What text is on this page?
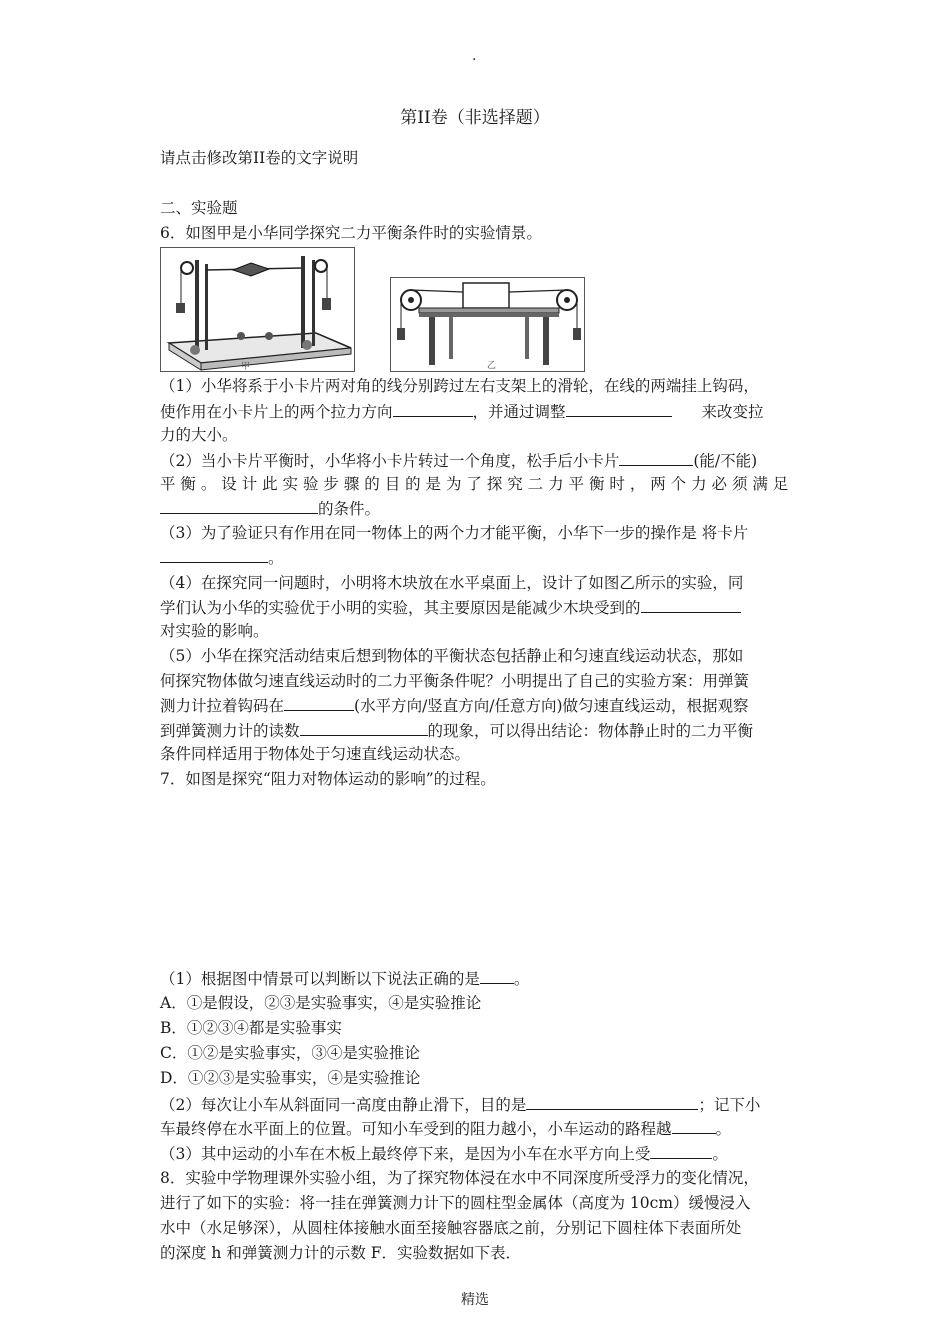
.
第II卷（非选择题）
请点击修改第II卷的文字说明
二、实验题
6．如图甲是小华同学探究二力平衡条件时的实验情景。
甲	乙
（1）小华将系于小卡片两对角的线分别跨过左右支架上的滑轮，在线的两端挂上钩码，
使作用在小卡片上的两个拉力方向	，并通过调整	来改变拉
力的大小。
（2）当小卡片平衡时，小华将小卡片转过一个角度，松手后小卡片	(能/不能)
平 衡 。 设 计 此 实 验 步 骤 的 目 的 是 为 了 探 究 二 力 平 衡 时 ， 两 个 力 必 须 满 足
的条件。
（3）为了验证只有作用在同一物体上的两个力才能平衡，小华下一步的操作是 将卡片
。
（4）在探究同一问题时，小明将木块放在水平桌面上，设计了如图乙所示的实验，同
学们认为小华的实验优于小明的实验，其主要原因是能减少木块受到的
对实验的影响。
（5）小华在探究活动结束后想到物体的平衡状态包括静止和匀速直线运动状态，那如
何探究物体做匀速直线运动时的二力平衡条件呢？小明提出了自己的实验方案：用弹簧
测力计拉着钩码在	(水平方向/竖直方向/任意方向)做匀速直线运动，根据观察
到弹簧测力计的读数	的现象，可以得出结论：物体静止时的二力平衡
条件同样适用于物体处于匀速直线运动状态。
7．如图是探究“阻力对物体运动的影响”的过程。
（1）根据图中情景可以判断以下说法正确的是 。
A．①是假设，②③是实验事实，④是实验推论
B．①②③④都是实验事实
C．①②是实验事实，③④是实验推论
D．①②③是实验事实，④是实验推论
（2）每次让小车从斜面同一高度由静止滑下，目的是	；记下小
车最终停在水平面上的位置。可知小车受到的阻力越小，小车运动的路程越	。
（3）其中运动的小车在木板上最终停下来，是因为小车在水平方向上受	。
8．实验中学物理课外实验小组，为了探究物体浸在水中不同深度所受浮力的变化情况，
进行了如下的实验：将一挂在弹簧测力计下的圆柱型金属体（高度为 10cm）缓慢浸入
水中（水足够深），从圆柱体接触水面至接触容器底之前，分别记下圆柱体下表面所处
的深度 h 和弹簧测力计的示数 F．实验数据如下表．
精选
